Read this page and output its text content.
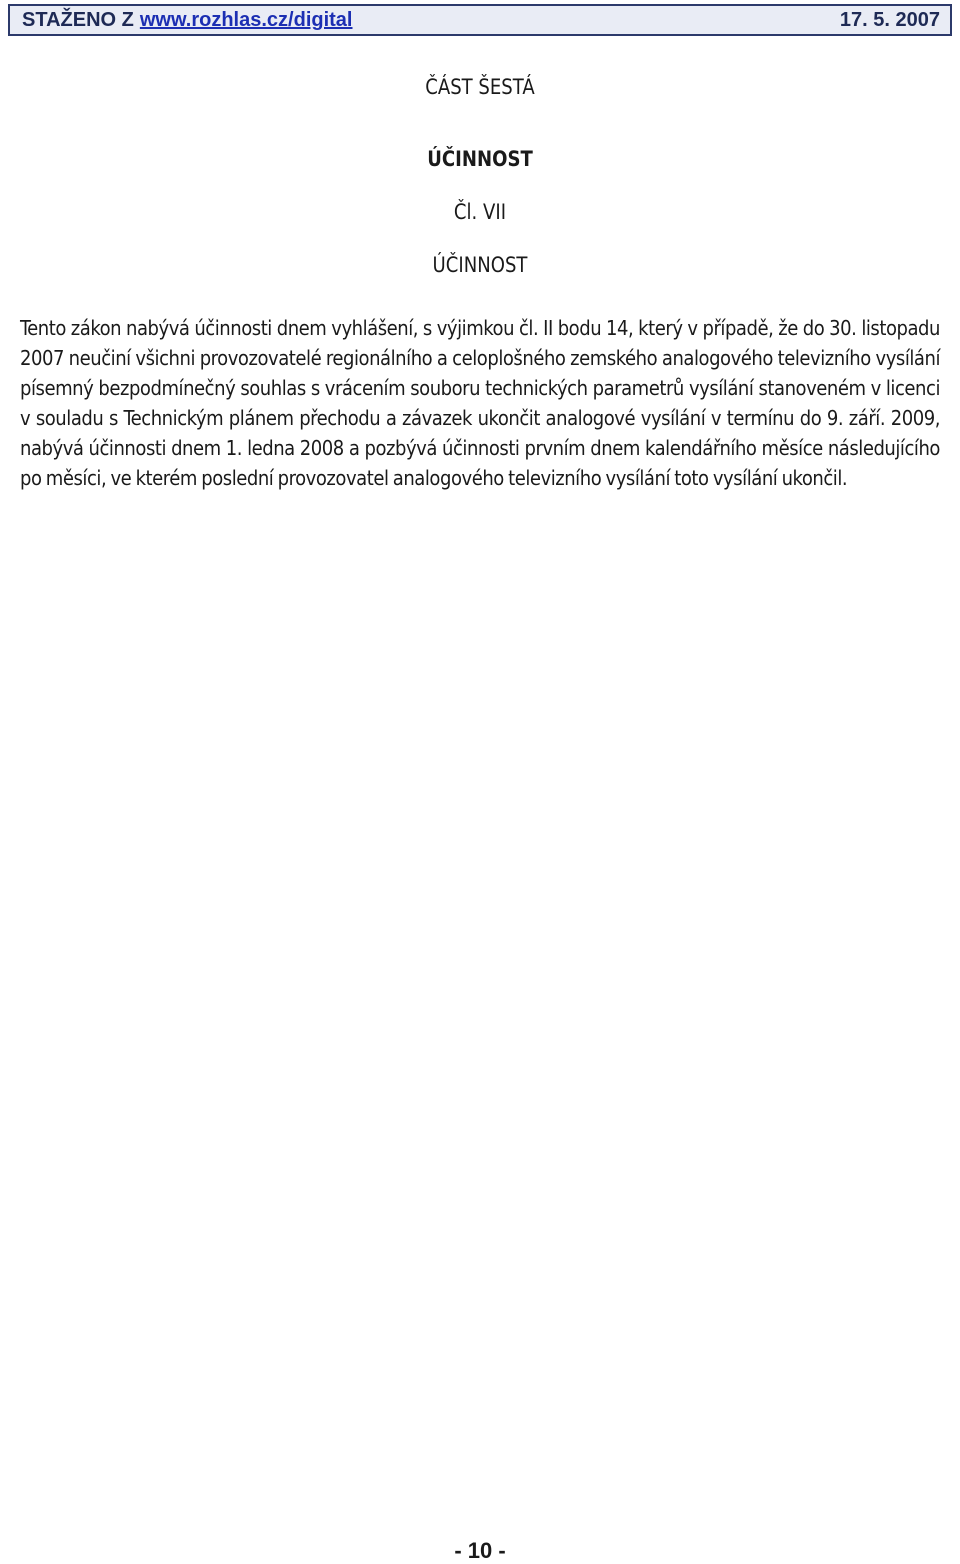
STAŽENO Z www.rozhlas.cz/digital	17. 5. 2007
ČÁST ŠESTÁ
ÚČINNOST
Čl. VII
ÚČINNOST

Tento zákon nabývá účinnosti dnem vyhlášení, s výjimkou čl. II bodu 14, který v případě, že do 30. listopadu 2007 neučiní všichni provozovatelé regionálního a celoplošného zemského analogového televizního vysílání písemný bezpodmínečný souhlas s vrácením souboru technických parametrů vysílání stanoveném v licenci v souladu s Technickým plánem přechodu a závazek ukončit analogové vysílání v termínu do 9. září. 2009, nabývá účinnosti dnem 1. ledna 2008 a pozbývá účinnosti prvním dnem kalendářního měsíce následujícího po měsíci, ve kterém poslední provozovatel analogového televizního vysílání toto vysílání ukončil.

- 10 -
